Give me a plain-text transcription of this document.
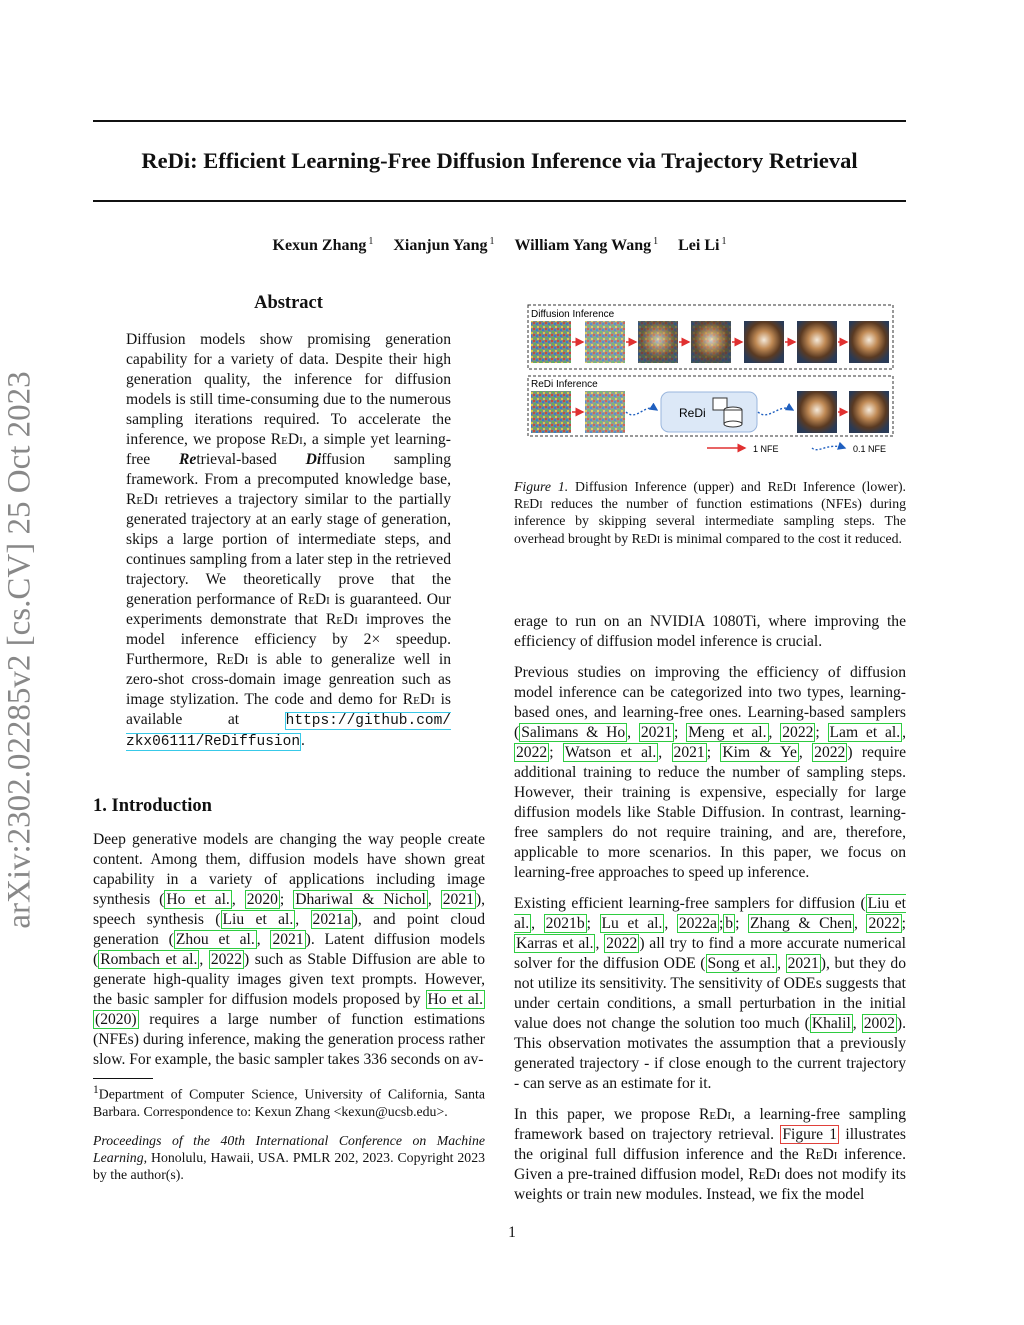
ReDi: Efficient Learning-Free Diffusion Inference via Trajectory Retrieval
Kexun Zhang $^1$ Xianjun Yang $^1$ William Yang Wang $^1$ Lei Li $^1$
arXiv:2302.02285v2 [cs.CV] 25 Oct 2023
Abstract
Diffusion models show promising generation capability for a variety of data. Despite their high generation quality, the inference for diffusion models is still time-consuming due to the numerous sampling iterations required. To accelerate the inference, we propose ReDi, a simple yet learning-free Retrieval-based Diffusion sampling framework. From a precomputed knowledge base, ReDi retrieves a trajectory similar to the partially generated trajectory at an early stage of generation, skips a large portion of intermediate steps, and continues sampling from a later step in the retrieved trajectory. We theoretically prove that the generation performance of ReDi is guaranteed. Our experiments demonstrate that ReDi improves the model inference efficiency by 2× speedup. Furthermore, ReDi is able to generalize well in zero-shot cross-domain image genreation such as image stylization. The code and demo for ReDi is available at https://github.com/ zkx06111/ReDiffusion.
1. Introduction
Deep generative models are changing the way people create content. Among them, diffusion models have shown great capability in a variety of applications including image synthesis ( Ho et al. , 2020 ; Dhariwal & Nichol , 2021 ), speech synthesis ( Liu et al. , 2021a ), and point cloud generation ( Zhou et al. , 2021 ). Latent diffusion models ( Rombach et al. , 2022 ) such as Stable Diffusion are able to generate high-quality images given text prompts. However, the basic sampler for diffusion models proposed by Ho et al. (2020) requires a large number of function estimations (NFEs) during inference, making the generation process rather slow. For example, the basic sampler takes 336 seconds on av-

$^1$Department of Computer Science, University of California, Santa Barbara. Correspondence to: Kexun Zhang <kexun@ucsb.edu>.

Proceedings of the 40th International Conference on Machine Learning, Honolulu, Hawaii, USA. PMLR 202, 2023. Copyright 2023 by the author(s).

Diffusion Inference
ReDi Inference
ReDi
1 NFE	0.1 NFE
Figure 1. Diffusion Inference (upper) and ReDi Inference (lower). ReDi reduces the number of function estimations (NFEs) during inference by skipping several intermediate sampling steps. The overhead brought by ReDi is minimal compared to the cost it reduced.

erage to run on an NVIDIA 1080Ti, where improving the efficiency of diffusion model inference is crucial.

Previous studies on improving the efficiency of diffusion model inference can be categorized into two types, learning-based ones, and learning-free ones. Learning-based samplers ( Salimans & Ho , 2021 ; Meng et al. , 2022 ; Lam et al. , 2022 ; Watson et al. , 2021 ; Kim & Ye , 2022 ) require additional training to reduce the number of sampling steps. However, their training is expensive, especially for large diffusion models like Stable Diffusion. In contrast, learning-free samplers do not require training, and are, therefore, applicable to more scenarios. In this paper, we focus on learning-free approaches to speed up inference.

Existing efficient learning-free samplers for diffusion ( Liu et al. , 2021b ; Lu et al. , 2022a ; b ; Zhang & Chen , 2022 ; Karras et al. , 2022 ) all try to find a more accurate numerical solver for the diffusion ODE ( Song et al. , 2021 ), but they do not utilize its sensitivity. The sensitivity of ODEs suggests that under certain conditions, a small perturbation in the initial value does not change the solution too much ( Khalil , 2002 ). This observation motivates the assumption that a previously generated trajectory - if close enough to the current trajectory - can serve as an estimate for it.

In this paper, we propose ReDi, a learning-free sampling framework based on trajectory retrieval. Figure 1 illustrates the original full diffusion inference and the ReDi inference. Given a pre-trained diffusion model, ReDi does not modify its weights or train new modules. Instead, we fix the model

1
